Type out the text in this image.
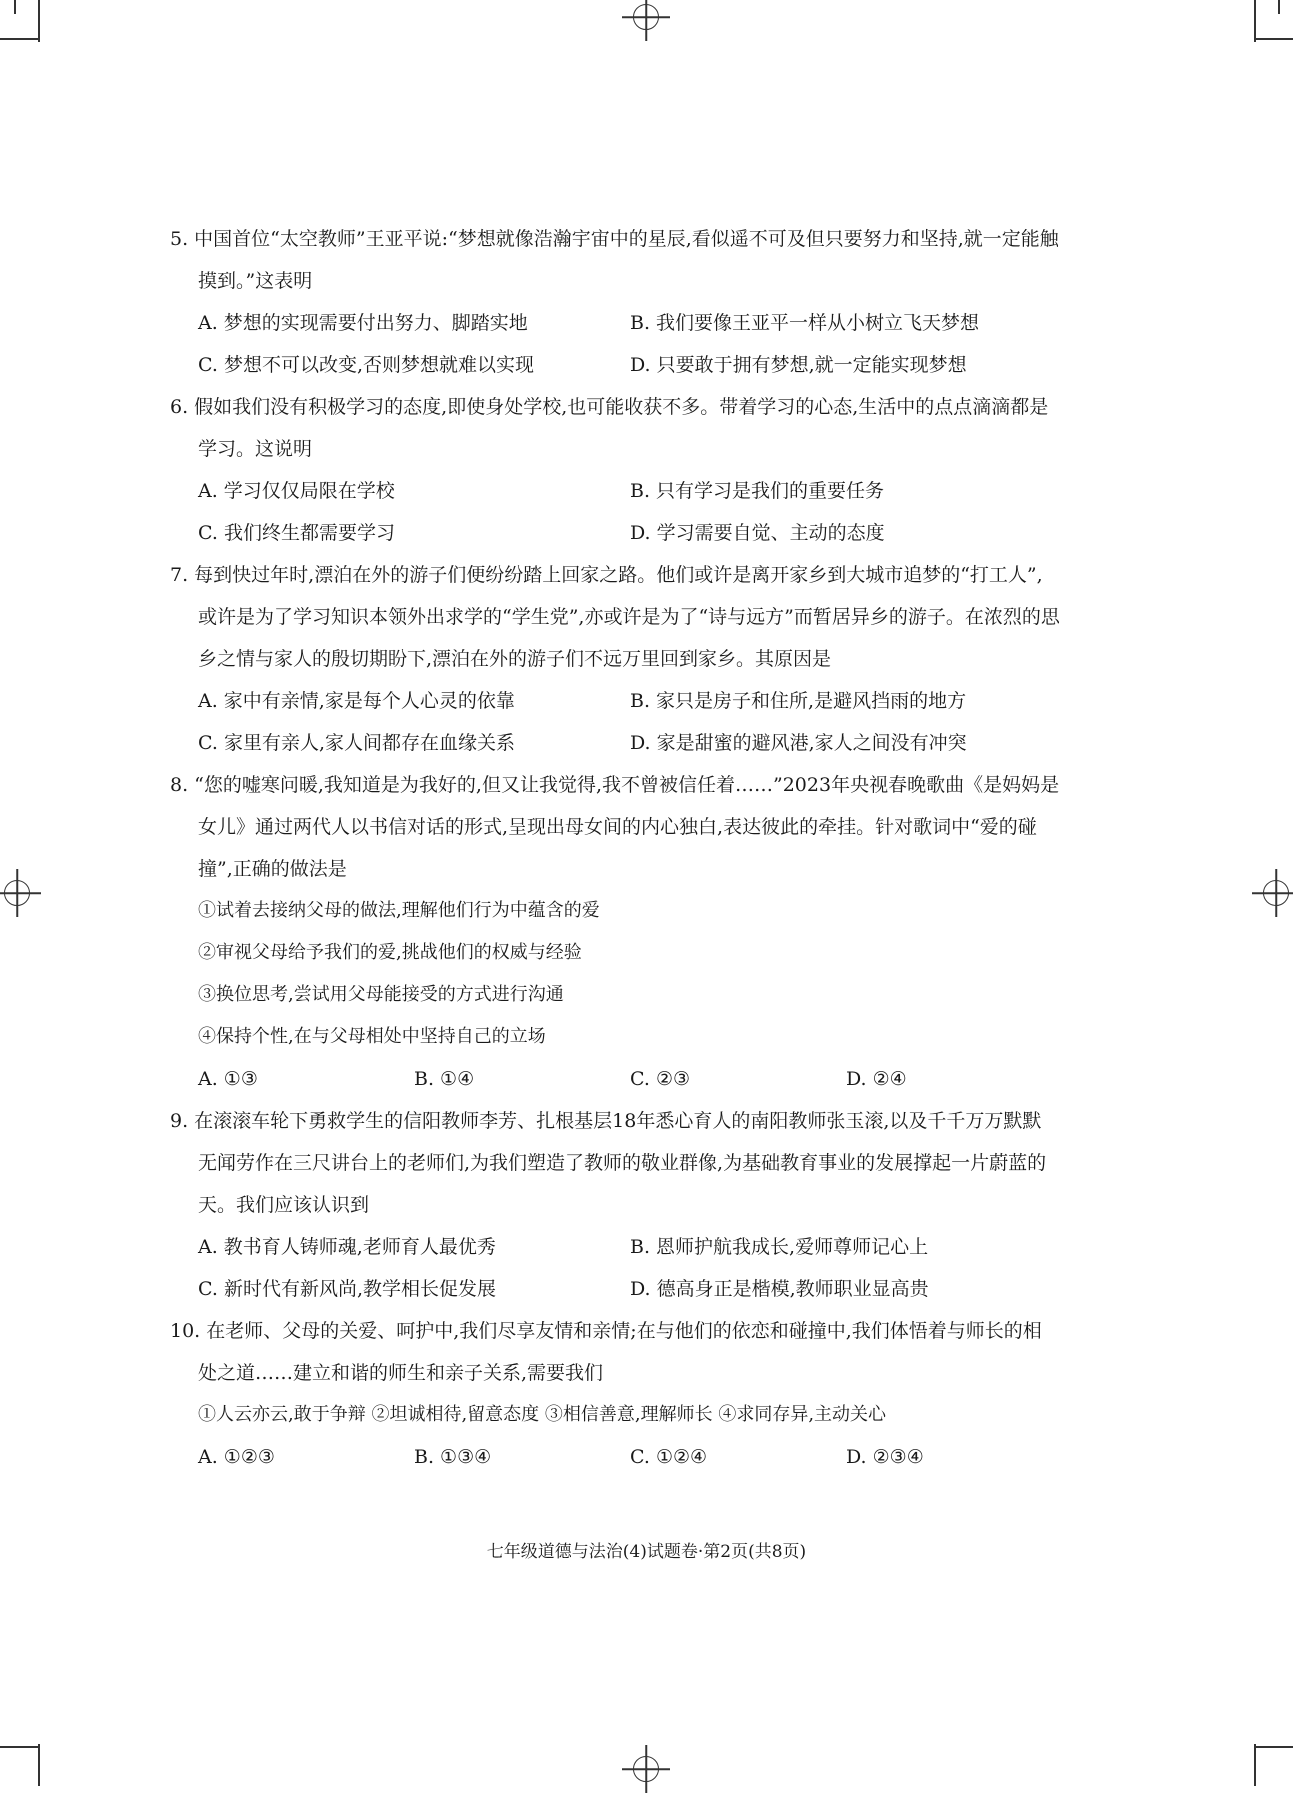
5. 中国首位“太空教师”王亚平说:“梦想就像浩瀚宇宙中的星辰,看似遥不可及但只要努力和坚持,就一定能触摸到。”这表明
A. 梦想的实现需要付出努力、脚踏实地	B. 我们要像王亚平一样从小树立飞天梦想
C. 梦想不可以改变,否则梦想就难以实现	D. 只要敢于拥有梦想,就一定能实现梦想
6. 假如我们没有积极学习的态度,即使身处学校,也可能收获不多。带着学习的心态,生活中的点点滴滴都是学习。这说明
A. 学习仅仅局限在学校	B. 只有学习是我们的重要任务
C. 我们终生都需要学习	D. 学习需要自觉、主动的态度
7. 每到快过年时,漂泊在外的游子们便纷纷踏上回家之路。他们或许是离开家乡到大城市追梦的“打工人”,或许是为了学习知识本领外出求学的“学生党”,亦或许是为了“诗与远方”而暂居异乡的游子。在浓烈的思乡之情与家人的殷切期盼下,漂泊在外的游子们不远万里回到家乡。其原因是
A. 家中有亲情,家是每个人心灵的依靠	B. 家只是房子和住所,是避风挡雨的地方
C. 家里有亲人,家人间都存在血缘关系	D. 家是甜蜜的避风港,家人之间没有冲突
8. “您的嘘寒问暖,我知道是为我好的,但又让我觉得,我不曾被信任着……”2023年央视春晚歌曲《是妈妈是女儿》通过两代人以书信对话的形式,呈现出母女间的内心独白,表达彼此的牵挂。针对歌词中“爱的碰撞”,正确的做法是
①试着去接纳父母的做法,理解他们行为中蕴含的爱
②审视父母给予我们的爱,挑战他们的权威与经验
③换位思考,尝试用父母能接受的方式进行沟通
④保持个性,在与父母相处中坚持自己的立场
A. ①③	B. ①④	C. ②③	D. ②④
9. 在滚滚车轮下勇救学生的信阳教师李芳、扎根基层18年悉心育人的南阳教师张玉滚,以及千千万万默默无闻劳作在三尺讲台上的老师们,为我们塑造了教师的敬业群像,为基础教育事业的发展撑起一片蔚蓝的天。我们应该认识到
A. 教书育人铸师魂,老师育人最优秀	B. 恩师护航我成长,爱师尊师记心上
C. 新时代有新风尚,教学相长促发展	D. 德高身正是楷模,教师职业显高贵
10. 在老师、父母的关爱、呵护中,我们尽享友情和亲情;在与他们的依恋和碰撞中,我们体悟着与师长的相处之道……建立和谐的师生和亲子关系,需要我们
①人云亦云,敢于争辩 ②坦诚相待,留意态度 ③相信善意,理解师长 ④求同存异,主动关心
A. ①②③	B. ①③④	C. ①②④	D. ②③④
七年级道德与法治(4)试题卷·第2页(共8页)
